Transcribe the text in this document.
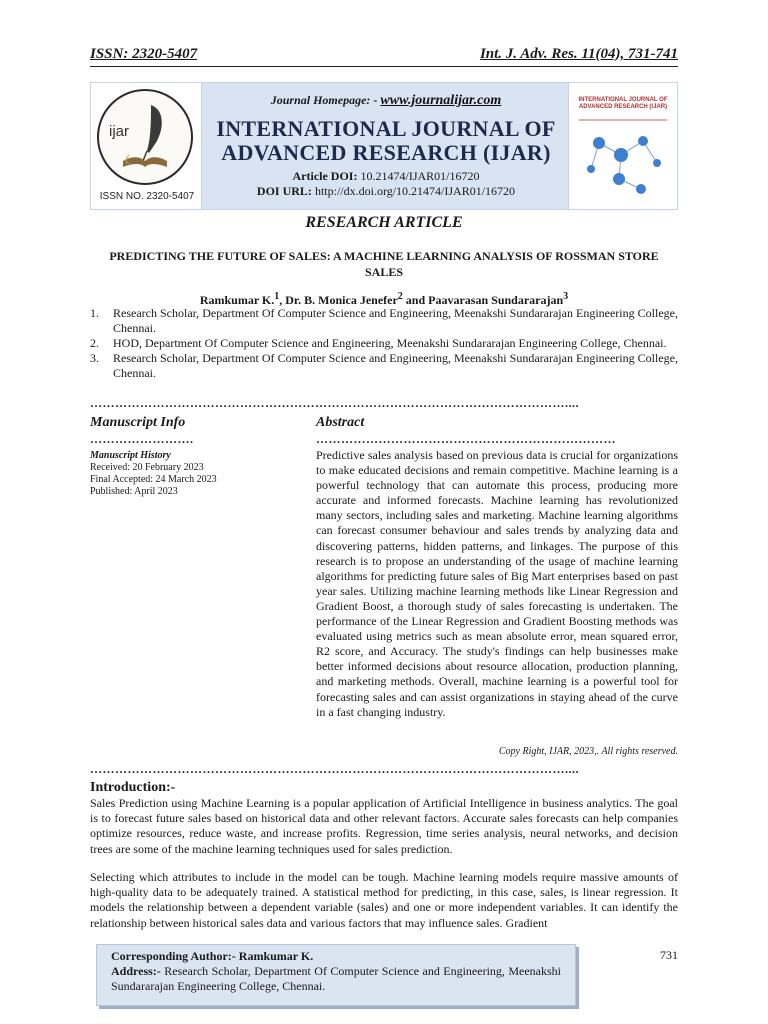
ISSN: 2320-5407	Int. J. Adv. Res. 11(04), 731-741
ijar
ISSN NO. 2320-5407
Journal Homepage: - www.journalijar.com
INTERNATIONAL JOURNAL OF
ADVANCED RESEARCH (IJAR)
Article DOI: 10.21474/IJAR01/16720
DOI URL: http://dx.doi.org/10.21474/IJAR01/16720
INTERNATIONAL JOURNAL OF ADVANCED RESEARCH (IJAR)
RESEARCH ARTICLE
PREDICTING THE FUTURE OF SALES: A MACHINE LEARNING ANALYSIS OF ROSSMAN STORE
SALES
Ramkumar K.$^1$, Dr. B. Monica Jenefer$^2$ and Paavarasan Sundararajan$^3$
1. Research Scholar, Department Of Computer Science and Engineering, Meenakshi Sundararajan Engineering College, Chennai.
2. HOD, Department Of Computer Science and Engineering, Meenakshi Sundararajan Engineering College, Chennai.
3. Research Scholar, Department Of Computer Science and Engineering, Meenakshi Sundararajan Engineering College, Chennai.
……………………………………………………………………………………………………....
Manuscript Info	Abstract
…………………….	………………………………………………………………
Manuscript History
Received: 20 February 2023
Final Accepted: 24 March 2023
Published: April 2023

Predictive sales analysis based on previous data is crucial for organizations to make educated decisions and remain competitive. Machine learning is a powerful technology that can automate this process, producing more accurate and informed forecasts. Machine learning has revolutionized many sectors, including sales and marketing. Machine learning algorithms can forecast consumer behaviour and sales trends by analyzing data and discovering patterns, hidden patterns, and linkages. The purpose of this research is to propose an understanding of the usage of machine learning algorithms for predicting future sales of Big Mart enterprises based on past year sales. Utilizing machine learning methods like Linear Regression and Gradient Boost, a thorough study of sales forecasting is undertaken. The performance of the Linear Regression and Gradient Boosting methods was evaluated using metrics such as mean absolute error, mean squared error, R2 score, and Accuracy. The study's findings can help businesses make better informed decisions about resource allocation, production planning, and marketing methods. Overall, machine learning is a powerful tool for forecasting sales and can assist organizations in staying ahead of the curve in a fast changing industry.

Copy Right, IJAR, 2023,. All rights reserved.
……………………………………………………………………………………………………....
Introduction:-

Sales Prediction using Machine Learning is a popular application of Artificial Intelligence in business analytics. The goal is to forecast future sales based on historical data and other relevant factors. Accurate sales forecasts can help companies optimize resources, reduce waste, and increase profits. Regression, time series analysis, neural networks, and decision trees are some of the machine learning techniques used for sales prediction.

Selecting which attributes to include in the model can be tough. Machine learning models require massive amounts of high-quality data to be adequately trained. A statistical method for predicting, in this case, sales, is linear regression. It models the relationship between a dependent variable (sales) and one or more independent variables. It can identify the relationship between historical sales data and various factors that may influence sales. Gradient

Corresponding Author:- Ramkumar K.
Address:- Research Scholar, Department Of Computer Science and Engineering, Meenakshi Sundararajan Engineering College, Chennai.
731
